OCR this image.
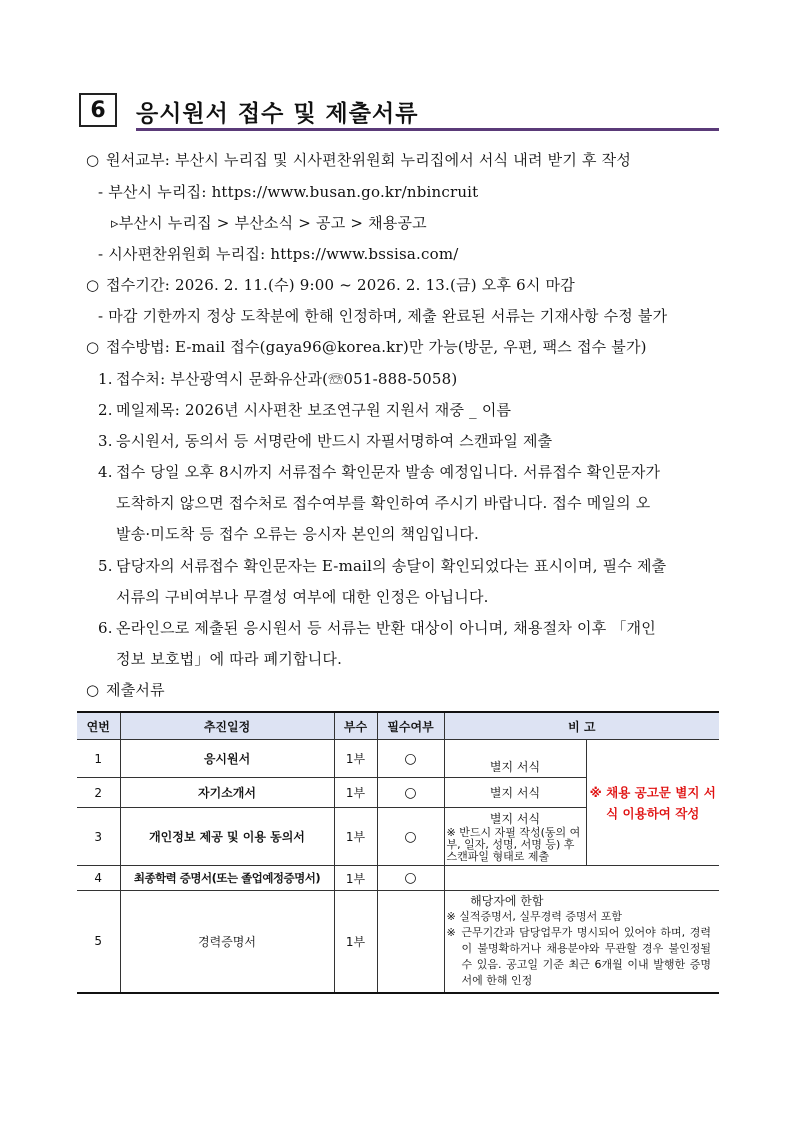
6	응시원서 접수 및 제출서류
○ 원서교부: 부산시 누리집 및 시사편찬위원회 누리집에서 서식 내려 받기 후 작성
- 부산시 누리집: https://www.busan.go.kr/nbincruit
▹부산시 누리집 > 부산소식 > 공고 > 채용공고
- 시사편찬위원회 누리집: https://www.bssisa.com/
○ 접수기간: 2026. 2. 11.(수) 9:00 ~ 2026. 2. 13.(금) 오후 6시 마감
- 마감 기한까지 정상 도착분에 한해 인정하며, 제출 완료된 서류는 기재사항 수정 불가
○ 접수방법: E-mail 접수(gaya96@korea.kr)만 가능(방문, 우편, 팩스 접수 불가)
1. 접수처: 부산광역시 문화유산과(☏051-888-5058)
2. 메일제목: 2026년 시사편찬 보조연구원 지원서 재중 _ 이름
3. 응시원서, 동의서 등 서명란에 반드시 자필서명하여 스캔파일 제출
4. 접수 당일 오후 8시까지 서류접수 확인문자 발송 예정입니다. 서류접수 확인문자가
도착하지 않으면 접수처로 접수여부를 확인하여 주시기 바랍니다. 접수 메일의 오
발송·미도착 등 접수 오류는 응시자 본인의 책임입니다.
5. 담당자의 서류접수 확인문자는 E-mail의 송달이 확인되었다는 표시이며, 필수 제출
서류의 구비여부나 무결성 여부에 대한 인정은 아닙니다.
6. 온라인으로 제출된 응시원서 등 서류는 반환 대상이 아니며, 채용절차 이후 「개인
정보 보호법」에 따라 폐기합니다.
○ 제출서류
연번	추진일정	부수	필수여부	비 고	
1	응시원서	1부	○	별지 서식	※ 채용 공고문 별지 서식 이용하여 작성
2	자기소개서	1부	○	별지 서식	
3	개인정보 제공 및 이용 동의서	1부	○	별지 서식
※ 반드시 자필 작성(동의 여부, 일자, 성명, 서명 등) 후 스캔파일 형태로 제출	

4	최종학력 증명서(또는 졸업예정증명서)	1부	○		
5	경력증명서	1부		해당자에 한함
※ 실적증명서, 실무경력 증명서 포함
※ 근무기간과 담당업무가 명시되어 있어야 하며, 경력이 불명확하거나 채용분야와 무관할 경우 불인정될 수 있음. 공고일 기준 최근 6개월 이내 발행한 증명서에 한해 인정	
